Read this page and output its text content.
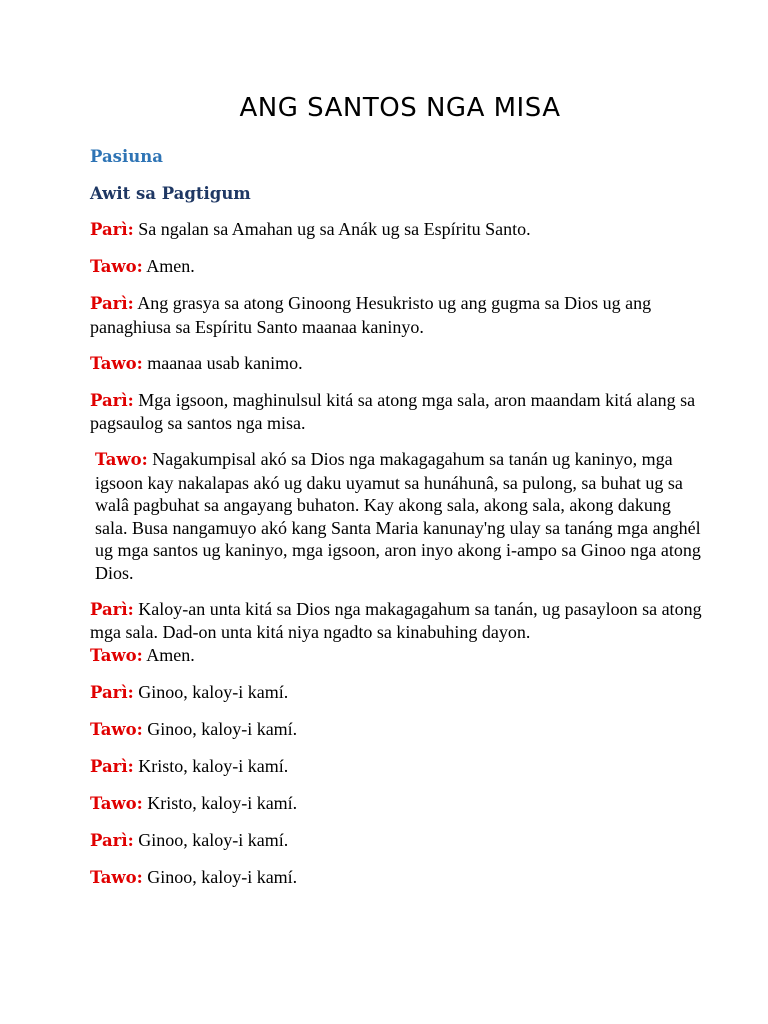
ANG SANTOS NGA MISA
Pasiuna
Awit sa Pagtigum

Parì: Sa ngalan sa Amahan ug sa Anák ug sa Espíritu Santo.

Tawo: Amen.

Parì: Ang grasya sa atong Ginoong Hesukristo ug ang gugma sa Dios ug ang panaghiusa sa Espíritu Santo maanaa kaninyo.

Tawo: maanaa usab kanimo.

Parì: Mga igsoon, maghinulsul kitá sa atong mga sala, aron maandam kitá alang sa pagsaulog sa santos nga misa.

Tawo: Nagakumpisal akó sa Dios nga makagagahum sa tanán ug kaninyo, mga igsoon kay nakalapas akó ug daku uyamut sa hunáhunâ, sa pulong, sa buhat ug sa walâ pagbuhat sa angayang buhaton. Kay akong sala, akong sala, akong dakung sala. Busa nangamuyo akó kang Santa Maria kanunay'ng ulay sa tanáng mga anghél ug mga santos ug kaninyo, mga igsoon, aron inyo akong i-ampo sa Ginoo nga atong Dios.

Parì: Kaloy-an unta kitá sa Dios nga makagagahum sa tanán, ug pasayloon sa atong mga sala. Dad-on unta kitá niya ngadto sa kinabuhing dayon.

Tawo: Amen.

Parì: Ginoo, kaloy-i kamí.

Tawo: Ginoo, kaloy-i kamí.

Parì: Kristo, kaloy-i kamí.

Tawo: Kristo, kaloy-i kamí.

Parì: Ginoo, kaloy-i kamí.

Tawo: Ginoo, kaloy-i kamí.
